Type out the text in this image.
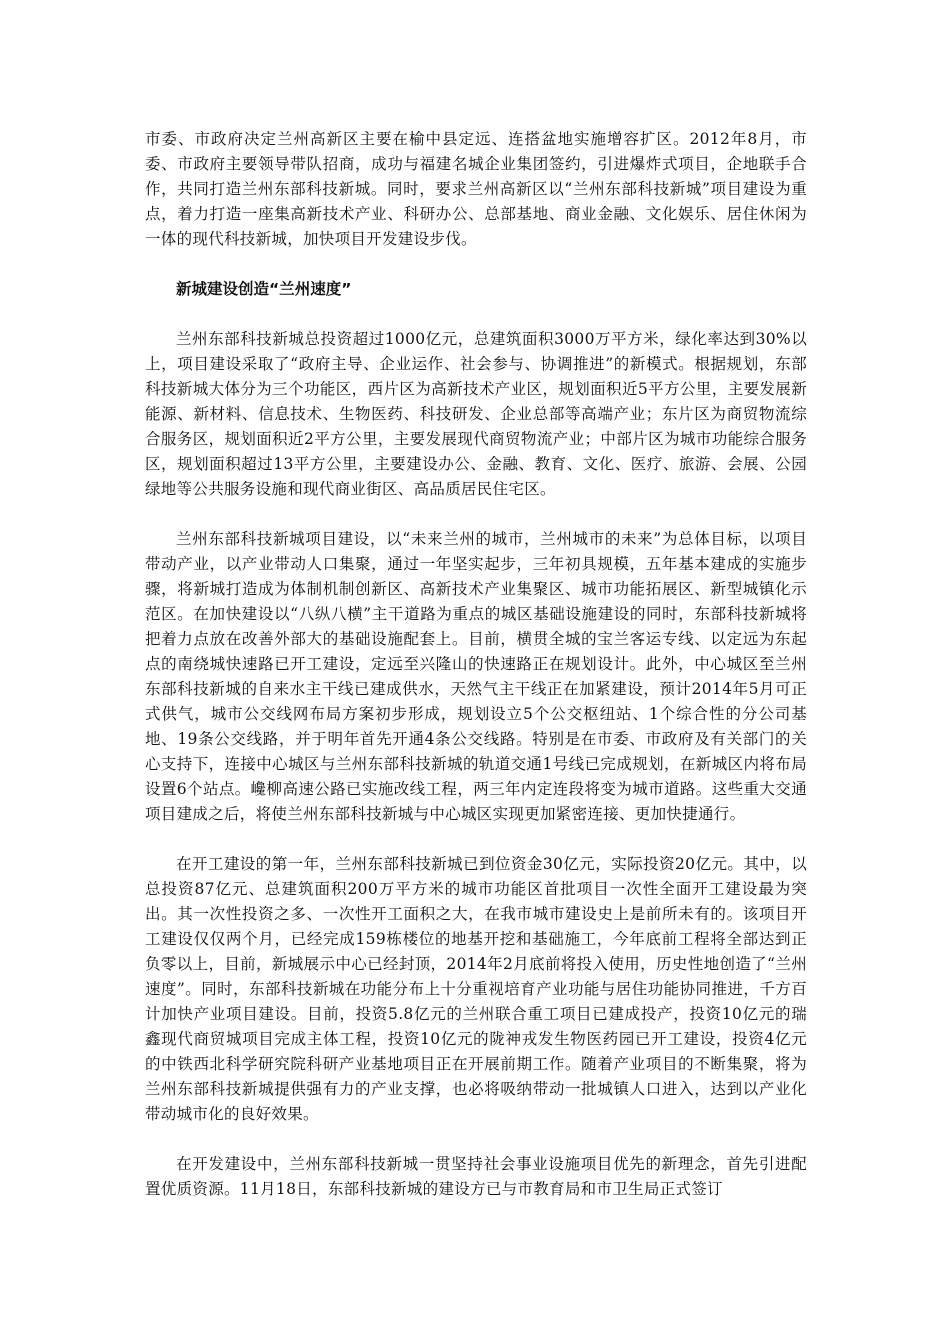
市委、市政府决定兰州高新区主要在榆中县定远、连搭盆地实施增容扩区。2012年8月，市委、市政府主要领导带队招商，成功与福建名城企业集团签约，引进爆炸式项目，企地联手合作，共同打造兰州东部科技新城。同时，要求兰州高新区以“兰州东部科技新城”项目建设为重点，着力打造一座集高新技术产业、科研办公、总部基地、商业金融、文化娱乐、居住休闲为一体的现代科技新城，加快项目开发建设步伐。

新城建设创造“兰州速度”

兰州东部科技新城总投资超过1000亿元，总建筑面积3000万平方米，绿化率达到30%以上，项目建设采取了“政府主导、企业运作、社会参与、协调推进”的新模式。根据规划，东部科技新城大体分为三个功能区，西片区为高新技术产业区，规划面积近5平方公里，主要发展新能源、新材料、信息技术、生物医药、科技研发、企业总部等高端产业；东片区为商贸物流综合服务区，规划面积近2平方公里，主要发展现代商贸物流产业；中部片区为城市功能综合服务区，规划面积超过13平方公里，主要建设办公、金融、教育、文化、医疗、旅游、会展、公园绿地等公共服务设施和现代商业街区、高品质居民住宅区。

兰州东部科技新城项目建设，以“未来兰州的城市，兰州城市的未来”为总体目标，以项目带动产业，以产业带动人口集聚，通过一年坚实起步，三年初具规模，五年基本建成的实施步骤，将新城打造成为体制机制创新区、高新技术产业集聚区、城市功能拓展区、新型城镇化示范区。在加快建设以“八纵八横”主干道路为重点的城区基础设施建设的同时，东部科技新城将把着力点放在改善外部大的基础设施配套上。目前，横贯全城的宝兰客运专线、以定远为东起点的南绕城快速路已开工建设，定远至兴隆山的快速路正在规划设计。此外，中心城区至兰州东部科技新城的自来水主干线已建成供水，天然气主干线正在加紧建设，预计2014年5月可正式供气，城市公交线网布局方案初步形成，规划设立5个公交枢纽站、1个综合性的分公司基地、19条公交线路，并于明年首先开通4条公交线路。特别是在市委、市政府及有关部门的关心支持下，连接中心城区与兰州东部科技新城的轨道交通1号线已完成规划，在新城区内将布局设置6个站点。巉柳高速公路已实施改线工程，两三年内定连段将变为城市道路。这些重大交通项目建成之后，将使兰州东部科技新城与中心城区实现更加紧密连接、更加快捷通行。

在开工建设的第一年，兰州东部科技新城已到位资金30亿元，实际投资20亿元。其中，以总投资87亿元、总建筑面积200万平方米的城市功能区首批项目一次性全面开工建设最为突出。其一次性投资之多、一次性开工面积之大，在我市城市建设史上是前所未有的。该项目开工建设仅仅两个月，已经完成159栋楼位的地基开挖和基础施工，今年底前工程将全部达到正负零以上，目前，新城展示中心已经封顶，2014年2月底前将投入使用，历史性地创造了“兰州速度”。同时，东部科技新城在功能分布上十分重视培育产业功能与居住功能协同推进，千方百计加快产业项目建设。目前，投资5.8亿元的兰州联合重工项目已建成投产，投资10亿元的瑞鑫现代商贸城项目完成主体工程，投资10亿元的陇神戎发生物医药园已开工建设，投资4亿元的中铁西北科学研究院科研产业基地项目正在开展前期工作。随着产业项目的不断集聚，将为兰州东部科技新城提供强有力的产业支撑，也必将吸纳带动一批城镇人口进入，达到以产业化带动城市化的良好效果。

在开发建设中，兰州东部科技新城一贯坚持社会事业设施项目优先的新理念，首先引进配置优质资源。11月18日，东部科技新城的建设方已与市教育局和市卫生局正式签订
